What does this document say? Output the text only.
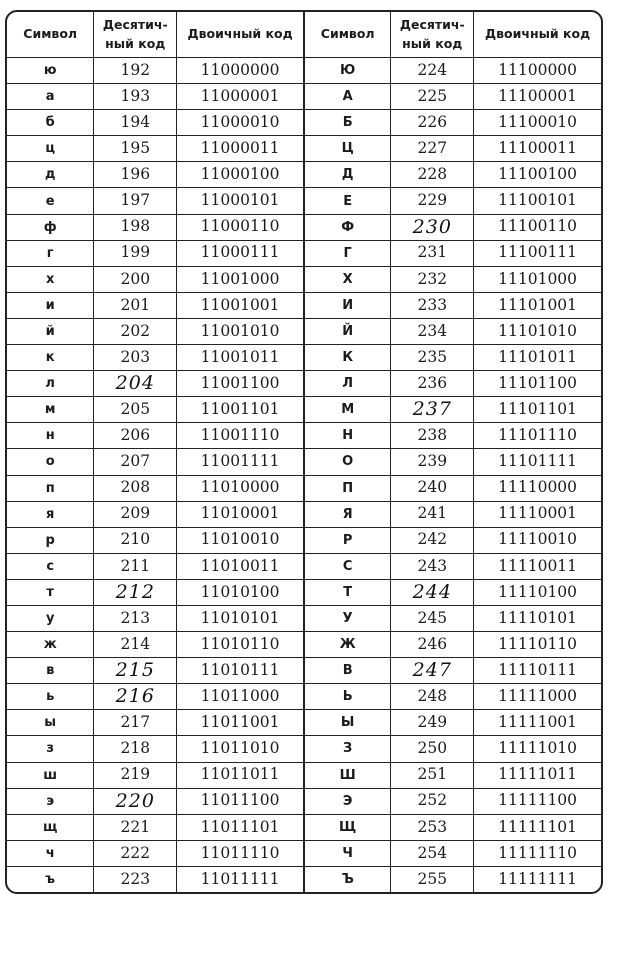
Символ	Десятич-ный код	Двоичный код	Символ	Десятич-ный код	Двоичный код
ю	192	11000000	Ю	224	11100000
а	193	11000001	А	225	11100001
б	194	11000010	Б	226	11100010
ц	195	11000011	Ц	227	11100011
д	196	11000100	Д	228	11100100
е	197	11000101	Е	229	11100101
ф	198	11000110	Ф	230	11100110
г	199	11000111	Г	231	11100111
х	200	11001000	Х	232	11101000
и	201	11001001	И	233	11101001
й	202	11001010	Й	234	11101010
к	203	11001011	К	235	11101011
л	204	11001100	Л	236	11101100
м	205	11001101	М	237	11101101
н	206	11001110	Н	238	11101110
о	207	11001111	О	239	11101111
п	208	11010000	П	240	11110000
я	209	11010001	Я	241	11110001
р	210	11010010	Р	242	11110010
с	211	11010011	С	243	11110011
т	212	11010100	Т	244	11110100
у	213	11010101	У	245	11110101
ж	214	11010110	Ж	246	11110110
в	215	11010111	В	247	11110111
ь	216	11011000	Ь	248	11111000
ы	217	11011001	Ы	249	11111001
з	218	11011010	З	250	11111010
ш	219	11011011	Ш	251	11111011
э	220	11011100	Э	252	11111100
щ	221	11011101	Щ	253	11111101
ч	222	11011110	Ч	254	11111110
ъ	223	11011111	Ъ	255	11111111
